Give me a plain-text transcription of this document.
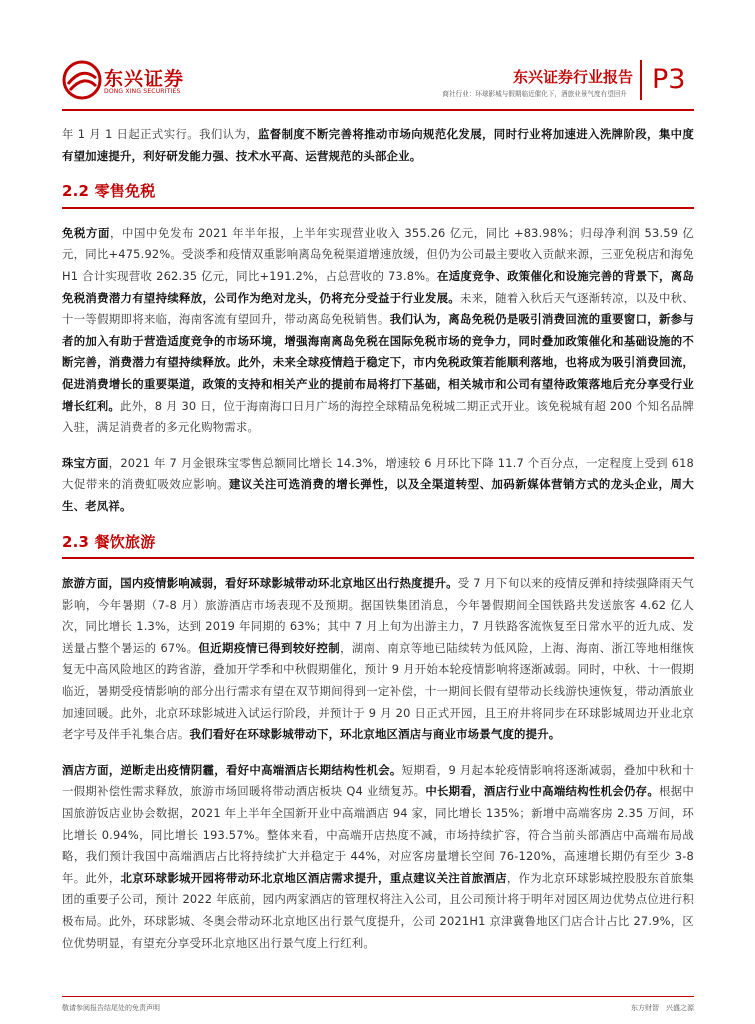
东兴证券
DONG XING SECURITIES
东兴证券行业报告
商社行业：环球影城与假期临近催化下，酒旅业景气度有望回升 P3

年 1 月 1 日起正式实行。我们认为，监督制度不断完善将推动市场向规范化发展，同时行业将加速进入洗牌阶段，集中度有望加速提升，利好研发能力强、技术水平高、运营规范的头部企业。

2.2 零售免税

免税方面，中国中免发布 2021 年半年报，上半年实现营业收入 355.26 亿元，同比 +83.98%；归母净利润 53.59 亿元，同比+475.92%。受淡季和疫情双重影响离岛免税渠道增速放缓，但仍为公司最主要收入贡献来源，三亚免税店和海免 H1 合计实现营收 262.35 亿元，同比+191.2%，占总营收的 73.8%。在适度竞争、政策催化和设施完善的背景下，离岛免税消费潜力有望持续释放，公司作为绝对龙头，仍将充分受益于行业发展。未来，随着入秋后天气逐渐转凉，以及中秋、十一等假期即将来临，海南客流有望回升，带动离岛免税销售。我们认为，离岛免税仍是吸引消费回流的重要窗口，新参与者的加入有助于营造适度竞争的市场环境，增强海南离岛免税在国际免税市场的竞争力，同时叠加政策催化和基础设施的不断完善，消费潜力有望持续释放。此外，未来全球疫情趋于稳定下，市内免税政策若能顺利落地，也将成为吸引消费回流，促进消费增长的重要渠道，政策的支持和相关产业的提前布局将打下基础，相关城市和公司有望待政策落地后充分享受行业增长红利。此外，8 月 30 日，位于海南海口日月广场的海控全球精品免税城二期正式开业。该免税城有超 200 个知名品牌入驻，满足消费者的多元化购物需求。

珠宝方面，2021 年 7 月金银珠宝零售总额同比增长 14.3%，增速较 6 月环比下降 11.7 个百分点，一定程度上受到 618 大促带来的消费虹吸效应影响。建议关注可选消费的增长弹性，以及全渠道转型、加码新媒体营销方式的龙头企业，周大生、老凤祥。

2.3 餐饮旅游

旅游方面，国内疫情影响减弱，看好环球影城带动环北京地区出行热度提升。受 7 月下旬以来的疫情反弹和持续强降雨天气影响，今年暑期（7-8 月）旅游酒店市场表现不及预期。据国铁集团消息，今年暑假期间全国铁路共发送旅客 4.62 亿人次，同比增长 1.3%，达到 2019 年同期的 63%；其中 7 月上旬为出游主力，7 月铁路客流恢复至日常水平的近九成、发送量占整个暑运的 67%。但近期疫情已得到较好控制，湖南、南京等地已陆续转为低风险，上海、海南、浙江等地相继恢复无中高风险地区的跨省游，叠加开学季和中秋假期催化，预计 9 月开始本轮疫情影响将逐渐减弱。同时，中秋、十一假期临近，暑期受疫情影响的部分出行需求有望在双节期间得到一定补偿，十一期间长假有望带动长线游快速恢复，带动酒旅业加速回暖。此外，北京环球影城进入试运行阶段，并预计于 9 月 20 日正式开园，且王府井将同步在环球影城周边开业北京老字号及伴手礼集合店。我们看好在环球影城带动下，环北京地区酒店与商业市场景气度的提升。

酒店方面，逆断走出疫情阴霾，看好中高端酒店长期结构性机会。短期看，9 月起本轮疫情影响将逐渐减弱，叠加中秋和十一假期补偿性需求释放，旅游市场回暖将带动酒店板块 Q4 业绩复苏。中长期看，酒店行业中高端结构性机会仍存。根据中国旅游饭店业协会数据，2021 年上半年全国新开业中高端酒店 94 家，同比增长 135%；新增中高端客房 2.35 万间，环比增长 0.94%，同比增长 193.57%。整体来看，中高端开店热度不减，市场持续扩容，符合当前头部酒店中高端布局战略，我们预计我国中高端酒店占比将持续扩大并稳定于 44%，对应客房量增长空间 76-120%，高速增长期仍有至少 3-8 年。此外，北京环球影城开园将带动环北京地区酒店需求提升，重点建议关注首旅酒店，作为北京环球影城控股股东首旅集团的重要子公司，预计 2022 年底前，园内两家酒店的管理权将注入公司，且公司预计将于明年对园区周边优势点位进行积极布局。此外，环球影城、冬奥会带动环北京地区出行景气度提升，公司 2021H1 京津冀鲁地区门店合计占比 27.9%，区位优势明显，有望充分享受环北京地区出行景气度上行红利。

敬请参阅报告结尾处的免责声明	东方财智　兴盛之源
